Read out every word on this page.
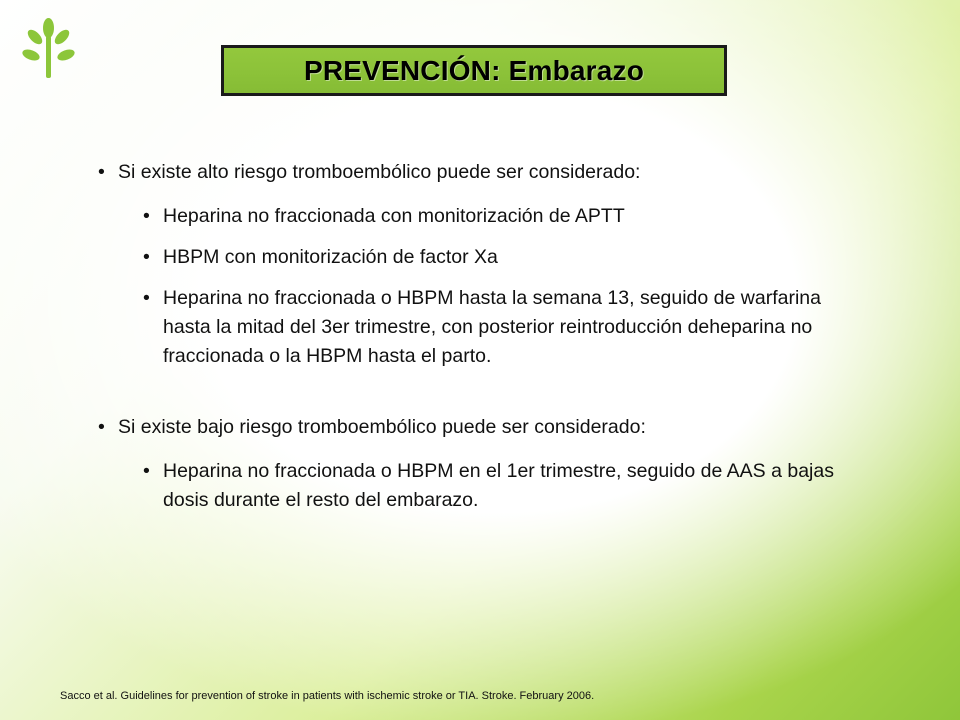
PREVENCIÓN: Embarazo
• Si existe alto riesgo tromboembólico puede ser considerado:
• Heparina no fraccionada con monitorización de APTT
• HBPM con monitorización de factor Xa
• Heparina no fraccionada o HBPM hasta la semana 13, seguido de warfarina hasta la mitad del 3er trimestre, con posterior reintroducción deheparina no fraccionada o la HBPM hasta el parto.
• Si existe bajo riesgo tromboembólico puede ser considerado:
• Heparina no fraccionada o HBPM en el 1er trimestre, seguido de AAS a bajas dosis durante el resto del embarazo.
Sacco et al. Guidelines for prevention of stroke in patients with ischemic stroke or TIA. Stroke. February 2006.
